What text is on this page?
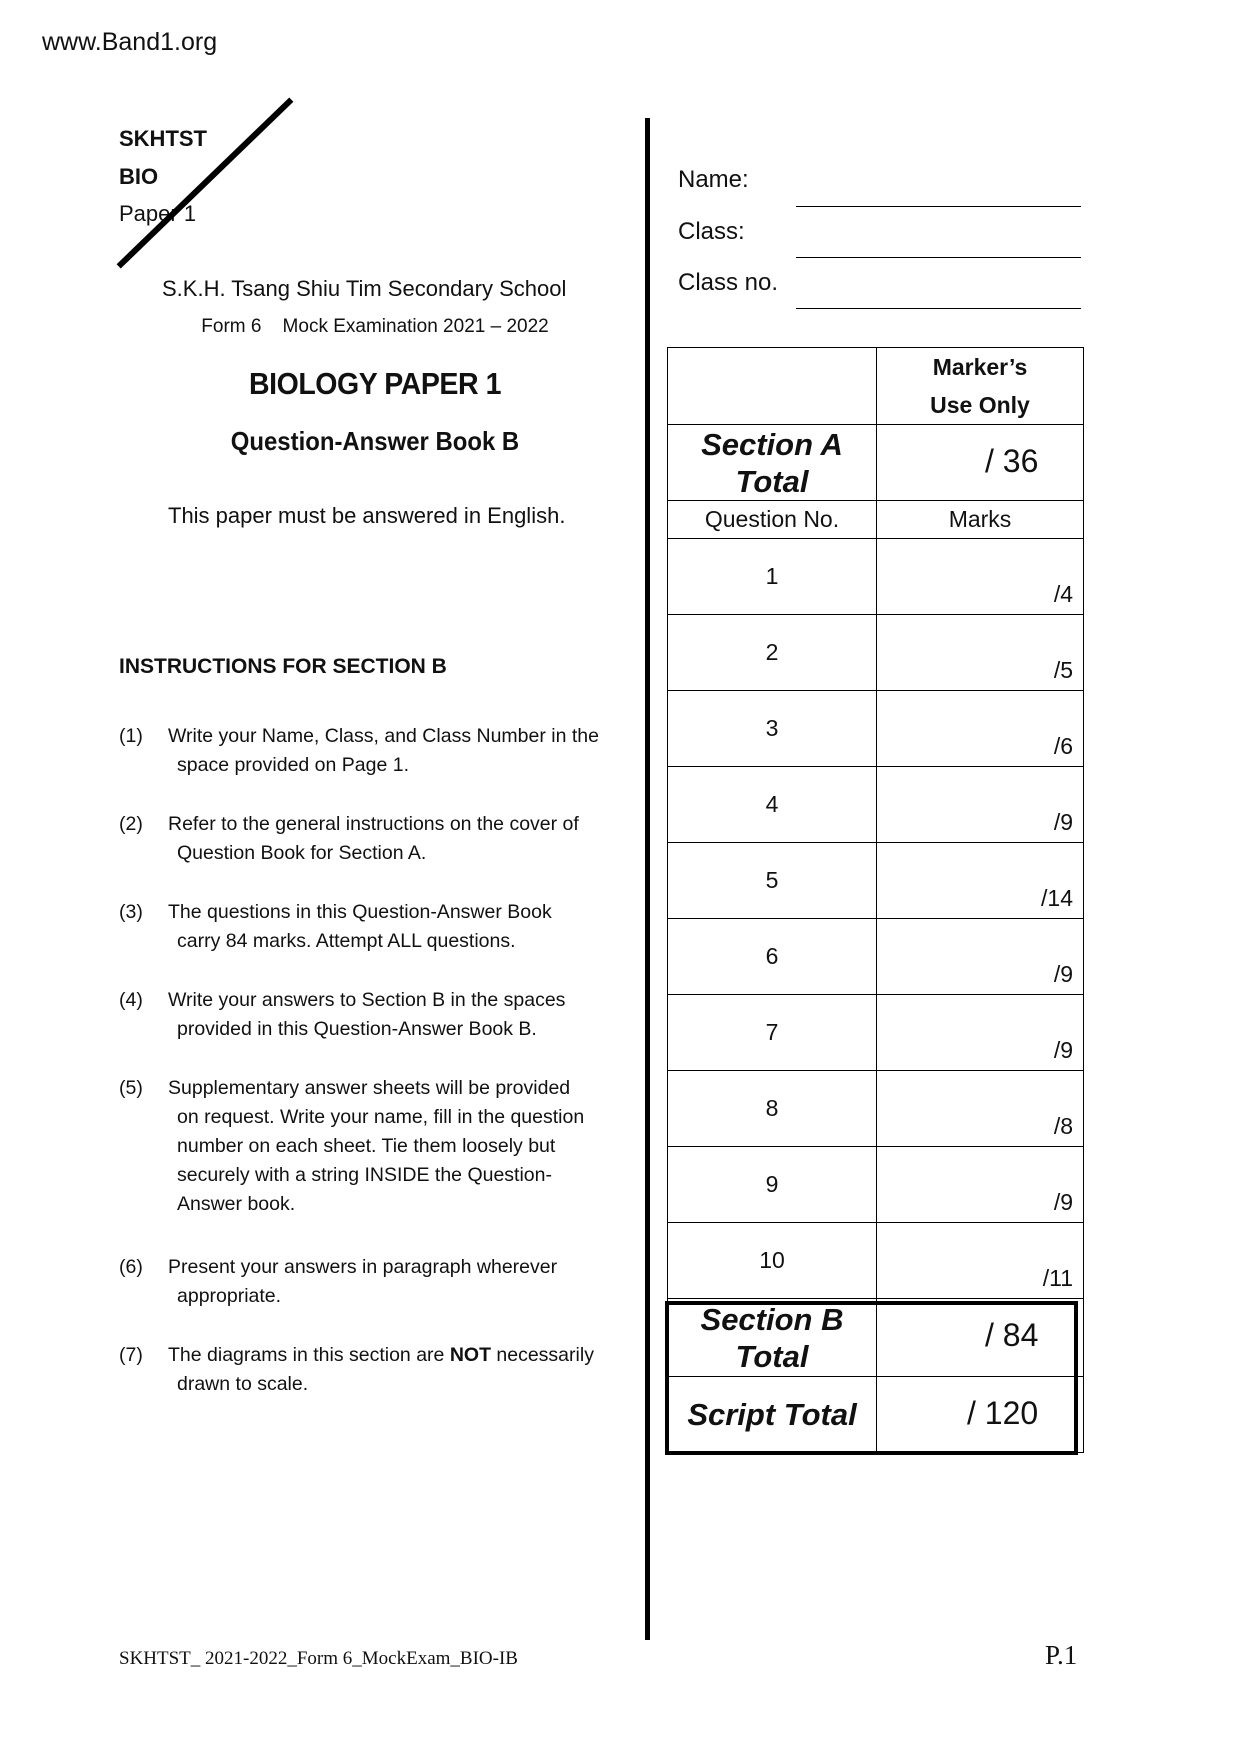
www.Band1.org
SKHTST
BIO
Paper 1
S.K.H. Tsang Shiu Tim Secondary School
Form 6    Mock Examination 2021 – 2022
BIOLOGY PAPER 1
Question-Answer Book B
This paper must be answered in English.
INSTRUCTIONS FOR SECTION B
(1) Write your Name, Class, and Class Number in the
space provided on Page 1.
(2) Refer to the general instructions on the cover of
Question Book for Section A.
(3) The questions in this Question-Answer Book
carry 84 marks. Attempt ALL questions.
(4) Write your answers to Section B in the spaces
provided in this Question-Answer Book B.
(5) Supplementary answer sheets will be provided
on request. Write your name, fill in the question number on each sheet. Tie them loosely but securely with a string INSIDE the Question-Answer book.
(6) Present your answers in paragraph wherever
appropriate.
(7) The diagrams in this section are NOT necessarily
drawn to scale.
Name:
Class:
Class no.

	Marker’s
Use Only

Section A
Total	/ 36

Question No.	Marks

1	/4

2	/5

3	/6

4	/9

5	/14

6	/9

7	/9

8	/8

9	/9

10	/11

Section B
Total	/ 84

Script Total	/ 120
SKHTST_ 2021-2022_Form 6_MockExam_BIO-IB	P.1
